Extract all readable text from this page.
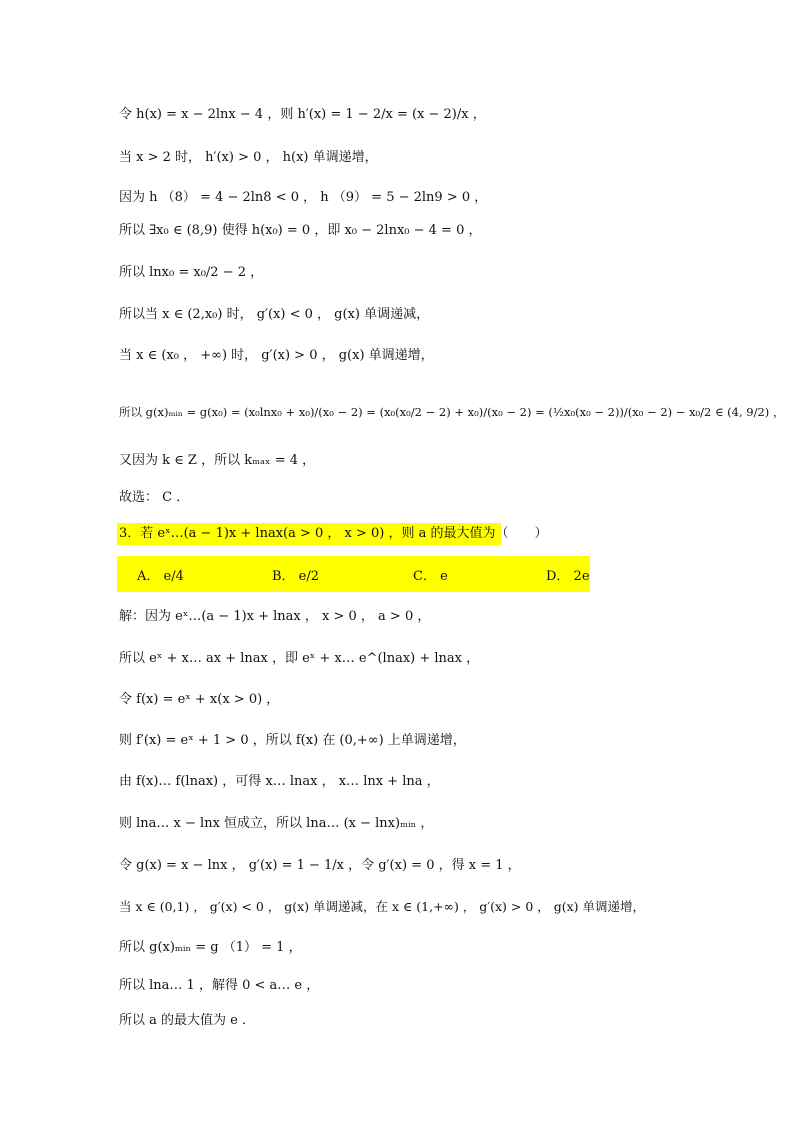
令 h(x) = x − 2lnx − 4 ，则 h′(x) = 1 − 2/x = (x − 2)/x ，
当 x > 2 时， h′(x) > 0 ， h(x) 单调递增，
因为 h （8） = 4 − 2ln8 < 0 ， h （9） = 5 − 2ln9 > 0 ，
所以 ∃x₀ ∈ (8,9) 使得 h(x₀) = 0 ，即 x₀ − 2lnx₀ − 4 = 0 ，
所以 lnx₀ = x₀/2 − 2 ，
所以当 x ∈ (2,x₀) 时， g′(x) < 0 ， g(x) 单调递减，
当 x ∈ (x₀ ， +∞) 时， g′(x) > 0 ， g(x) 单调递增，
所以 g(x)ₘᵢₙ = g(x₀) = (x₀lnx₀ + x₀)/(x₀ − 2) = (x₀(x₀/2 − 2) + x₀)/(x₀ − 2) = (½x₀(x₀ − 2))/(x₀ − 2) − x₀/2 ∈ (4, 9/2) ，
又因为 k ∈ Z ，所以 kₘₐₓ = 4 ，
故选： C ．
3．若 eˣ…(a − 1)x + lnax(a > 0 ， x > 0) ，则 a 的最大值为（　　）
A． e/4	B． e/2	C． e	D． 2e
解：因为 eˣ…(a − 1)x + lnax ， x > 0 ， a > 0 ，
所以 eˣ + x… ax + lnax ，即 eˣ + x… e^(lnax) + lnax ，
令 f(x) = eˣ + x(x > 0) ，
则 f′(x) = eˣ + 1 > 0 ，所以 f(x) 在 (0,+∞) 上单调递增，
由 f(x)… f(lnax) ，可得 x… lnax ， x… lnx + lna ，
则 lna… x − lnx 恒成立，所以 lna… (x − lnx)ₘᵢₙ ，
令 g(x) = x − lnx ， g′(x) = 1 − 1/x ，令 g′(x) = 0 ，得 x = 1 ，
当 x ∈ (0,1) ， g′(x) < 0 ， g(x) 单调递减，在 x ∈ (1,+∞) ， g′(x) > 0 ， g(x) 单调递增，
所以 g(x)ₘᵢₙ = g （1） = 1 ，
所以 lna… 1 ，解得 0 < a… e ，
所以 a 的最大值为 e ．
